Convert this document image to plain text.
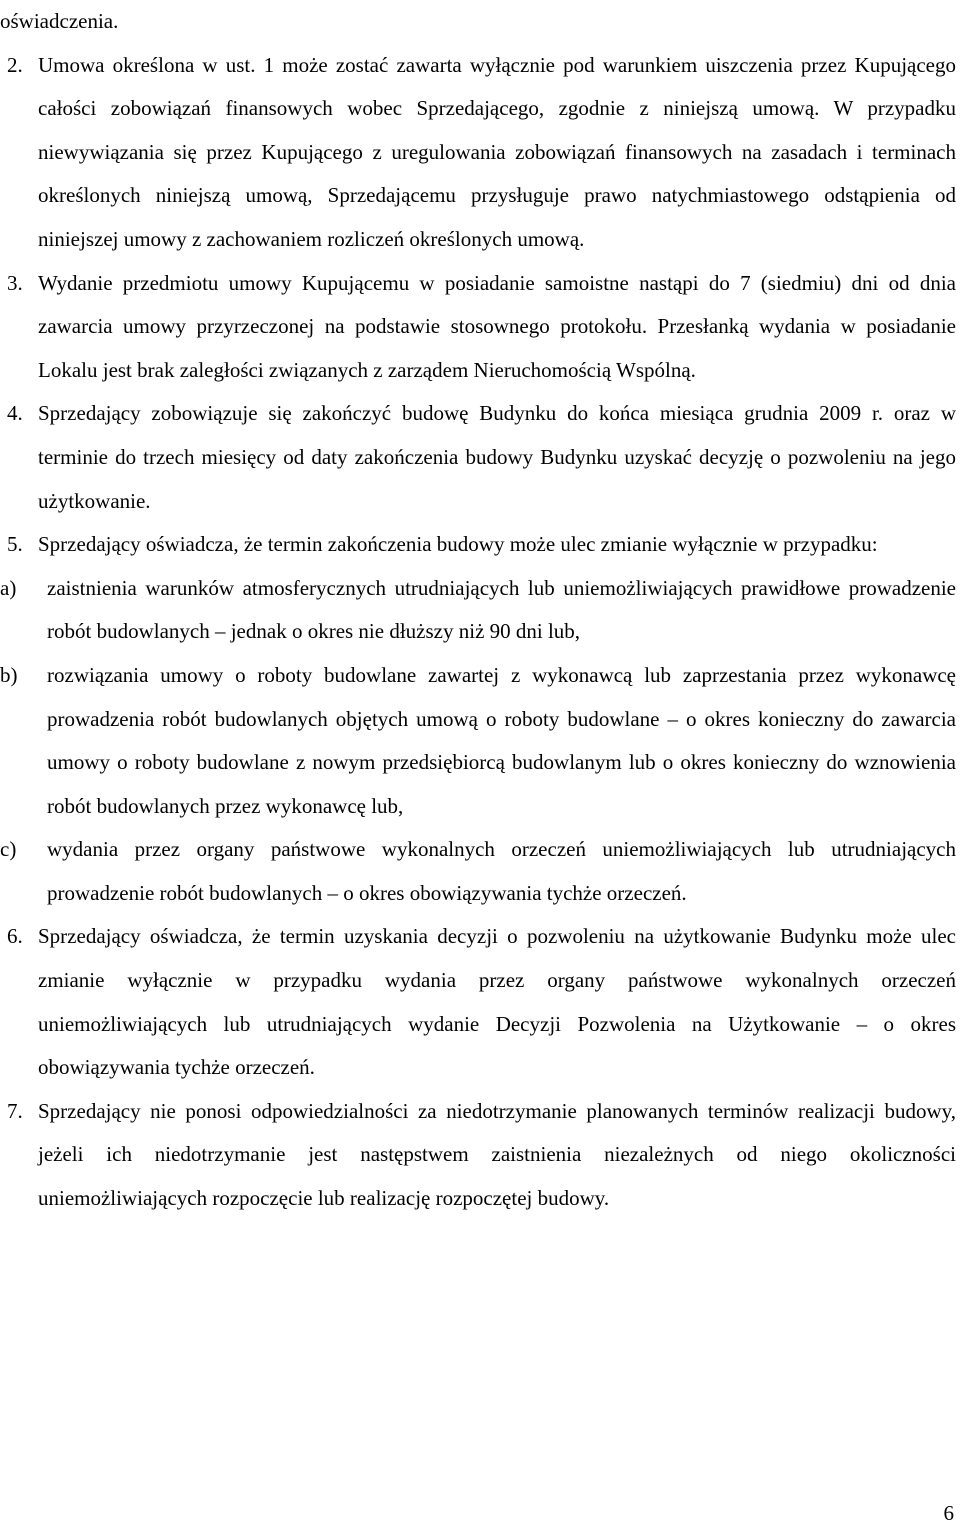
oświadczenia.

2. Umowa określona w ust. 1 może zostać zawarta wyłącznie pod warunkiem uiszczenia przez Kupującego całości zobowiązań finansowych wobec Sprzedającego, zgodnie z niniejszą umową. W przypadku niewywiązania się przez Kupującego z uregulowania zobowiązań finansowych na zasadach i terminach określonych niniejszą umową, Sprzedającemu przysługuje prawo natychmiastowego odstąpienia od niniejszej umowy z zachowaniem rozliczeń określonych umową.

3. Wydanie przedmiotu umowy Kupującemu w posiadanie samoistne nastąpi do 7 (siedmiu) dni od dnia zawarcia umowy przyrzeczonej na podstawie stosownego protokołu. Przesłanką wydania w posiadanie Lokalu jest brak zaległości związanych z zarządem Nieruchomością Wspólną.

4. Sprzedający zobowiązuje się zakończyć budowę Budynku do końca miesiąca grudnia 2009 r. oraz w terminie do trzech miesięcy od daty zakończenia budowy Budynku uzyskać decyzję o pozwoleniu na jego użytkowanie.

5. Sprzedający oświadcza, że termin zakończenia budowy może ulec zmianie wyłącznie w przypadku:

a) zaistnienia warunków atmosferycznych utrudniających lub uniemożliwiających prawidłowe prowadzenie robót budowlanych – jednak o okres nie dłuższy niż 90 dni lub,

b) rozwiązania umowy o roboty budowlane zawartej z wykonawcą lub zaprzestania przez wykonawcę prowadzenia robót budowlanych objętych umową o roboty budowlane – o okres konieczny do zawarcia umowy o roboty budowlane z nowym przedsiębiorcą budowlanym lub o okres konieczny do wznowienia robót budowlanych przez wykonawcę lub,

c) wydania przez organy państwowe wykonalnych orzeczeń uniemożliwiających lub utrudniających prowadzenie robót budowlanych – o okres obowiązywania tychże orzeczeń.

6. Sprzedający oświadcza, że termin uzyskania decyzji o pozwoleniu na użytkowanie Budynku może ulec zmianie wyłącznie w przypadku wydania przez organy państwowe wykonalnych orzeczeń uniemożliwiających lub utrudniających wydanie Decyzji Pozwolenia na Użytkowanie – o okres obowiązywania tychże orzeczeń.

7. Sprzedający nie ponosi odpowiedzialności za niedotrzymanie planowanych terminów realizacji budowy, jeżeli ich niedotrzymanie jest następstwem zaistnienia niezależnych od niego okoliczności uniemożliwiających rozpoczęcie lub realizację rozpoczętej budowy.

6
